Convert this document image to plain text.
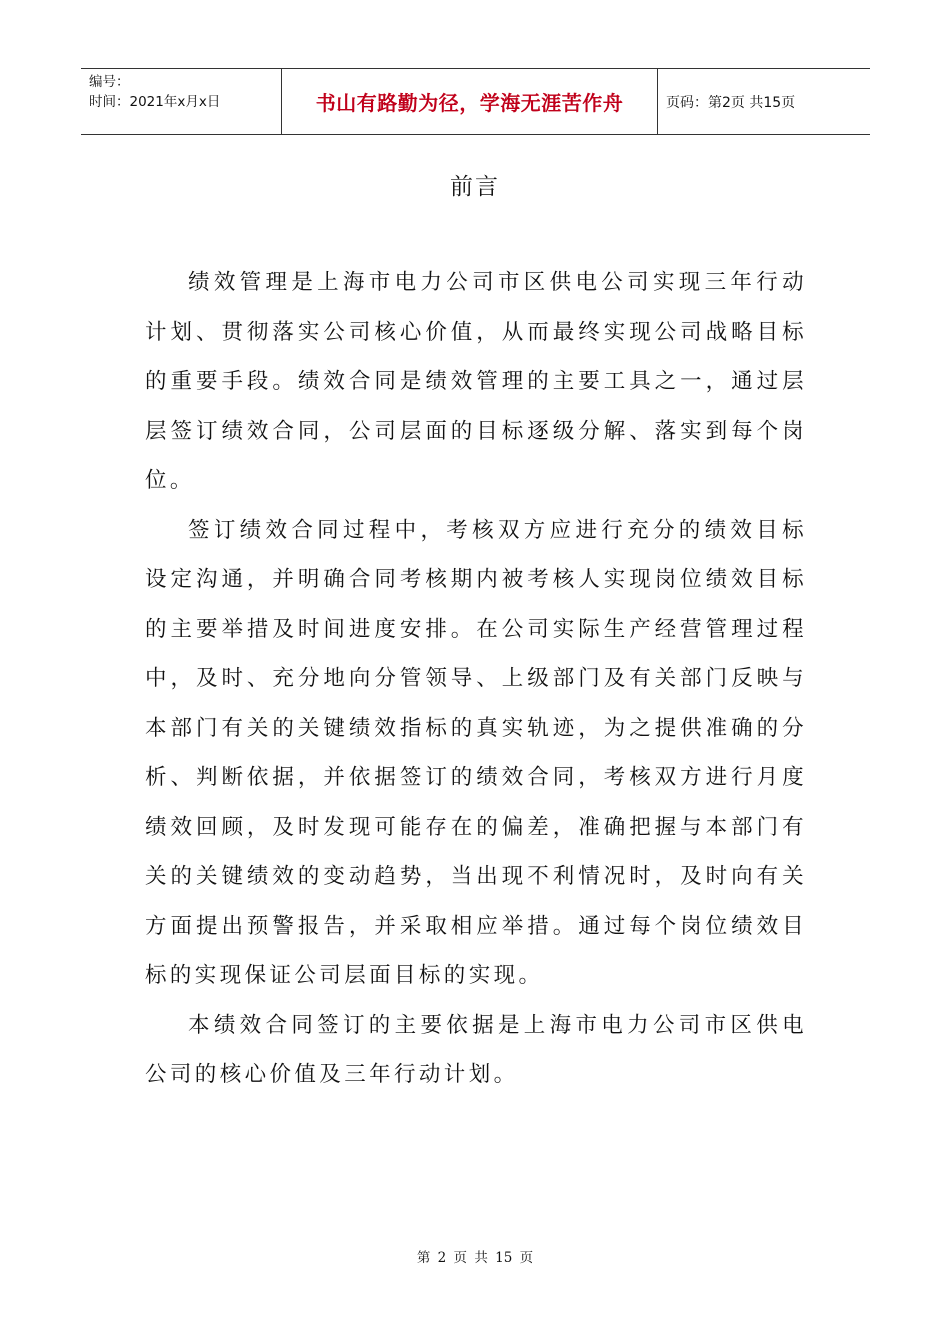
编号：
时间：2021年x月x日	书山有路勤为径，学海无涯苦作舟	页码：第2页 共15页
前言

绩效管理是上海市电力公司市区供电公司实现三年行动计划、贯彻落实公司核心价值，从而最终实现公司战略目标的重要手段。绩效合同是绩效管理的主要工具之一，通过层层签订绩效合同，公司层面的目标逐级分解、落实到每个岗位。

签订绩效合同过程中，考核双方应进行充分的绩效目标设定沟通，并明确合同考核期内被考核人实现岗位绩效目标的主要举措及时间进度安排。在公司实际生产经营管理过程中，及时、充分地向分管领导、上级部门及有关部门反映与本部门有关的关键绩效指标的真实轨迹，为之提供准确的分析、判断依据，并依据签订的绩效合同，考核双方进行月度绩效回顾，及时发现可能存在的偏差，准确把握与本部门有关的关键绩效的变动趋势，当出现不利情况时，及时向有关方面提出预警报告，并采取相应举措。通过每个岗位绩效目标的实现保证公司层面目标的实现。

本绩效合同签订的主要依据是上海市电力公司市区供电公司的核心价值及三年行动计划。

第 2 页 共 15 页
